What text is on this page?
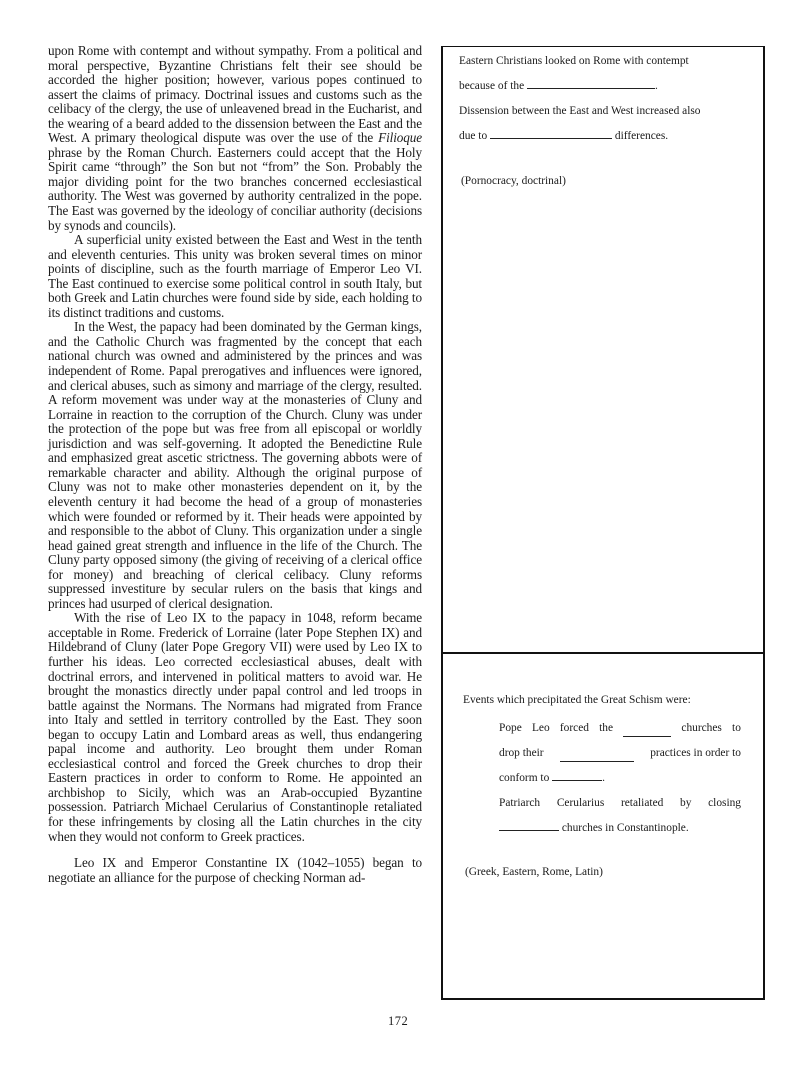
upon Rome with contempt and without sympathy. From a political and moral perspective, Byzantine Christians felt their see should be accorded the higher position; however, various popes continued to assert the claims of primacy. Doctrinal issues and customs such as the celibacy of the clergy, the use of unleavened bread in the Eucharist, and the wearing of a beard added to the dissension between the East and the West. A primary theological dispute was over the use of the Filioque phrase by the Roman Church. Easterners could accept that the Holy Spirit came “through” the Son but not “from” the Son. Probably the major dividing point for the two branches concerned ecclesiastical authority. The West was governed by authority centralized in the pope. The East was governed by the ideology of conciliar authority (decisions by synods and councils).

A superficial unity existed between the East and West in the tenth and eleventh centuries. This unity was broken several times on minor points of discipline, such as the fourth marriage of Emperor Leo VI. The East continued to exercise some political control in south Italy, but both Greek and Latin churches were found side by side, each holding to its distinct traditions and customs.

In the West, the papacy had been dominated by the German kings, and the Catholic Church was fragmented by the concept that each national church was owned and administered by the princes and was independent of Rome. Papal prerogatives and influences were ignored, and clerical abuses, such as simony and marriage of the clergy, resulted. A reform movement was under way at the monasteries of Cluny and Lorraine in reaction to the corruption of the Church. Cluny was under the protection of the pope but was free from all episcopal or worldly jurisdiction and was self-governing. It adopted the Benedictine Rule and emphasized great ascetic strictness. The governing abbots were of remarkable character and ability. Although the original purpose of Cluny was not to make other monasteries dependent on it, by the eleventh century it had become the head of a group of monasteries which were founded or reformed by it. Their heads were appointed by and responsible to the abbot of Cluny. This organization under a single head gained great strength and influence in the life of the Church. The Cluny party opposed simony (the giving of receiving of a clerical office for money) and breaching of clerical celibacy. Cluny reforms suppressed investiture by secular rulers on the basis that kings and princes had usurped of clerical designation.

With the rise of Leo IX to the papacy in 1048, reform became acceptable in Rome. Frederick of Lorraine (later Pope Stephen IX) and Hildebrand of Cluny (later Pope Gregory VII) were used by Leo IX to further his ideas. Leo corrected ecclesiastical abuses, dealt with doctrinal errors, and intervened in political matters to avoid war. He brought the monastics directly under papal control and led troops in battle against the Normans. The Normans had migrated from France into Italy and settled in territory controlled by the East. They soon began to occupy Latin and Lombard areas as well, thus endangering papal income and authority. Leo brought them under Roman ecclesiastical control and forced the Greek churches to drop their Eastern practices in order to conform to Rome. He appointed an archbishop to Sicily, which was an Arab-occupied Byzantine possession. Patriarch Michael Cerularius of Constantinople retaliated for these infringements by closing all the Latin churches in the city when they would not conform to Greek practices.

Leo IX and Emperor Constantine IX (1042–1055) began to negotiate an alliance for the purpose of checking Norman ad-

Eastern Christians looked on Rome with contempt
because of the	.
Dissension between the East and West increased also
due to	differences.
(Pornocracy, doctrinal)
Events which precipitated the Great Schism were:
Pope Leo forced the	churches to
drop their	practices in order to
conform to	.
Patriarch Cerularius retaliated by closing
churches in Constantinople.
(Greek, Eastern, Rome, Latin)
172
